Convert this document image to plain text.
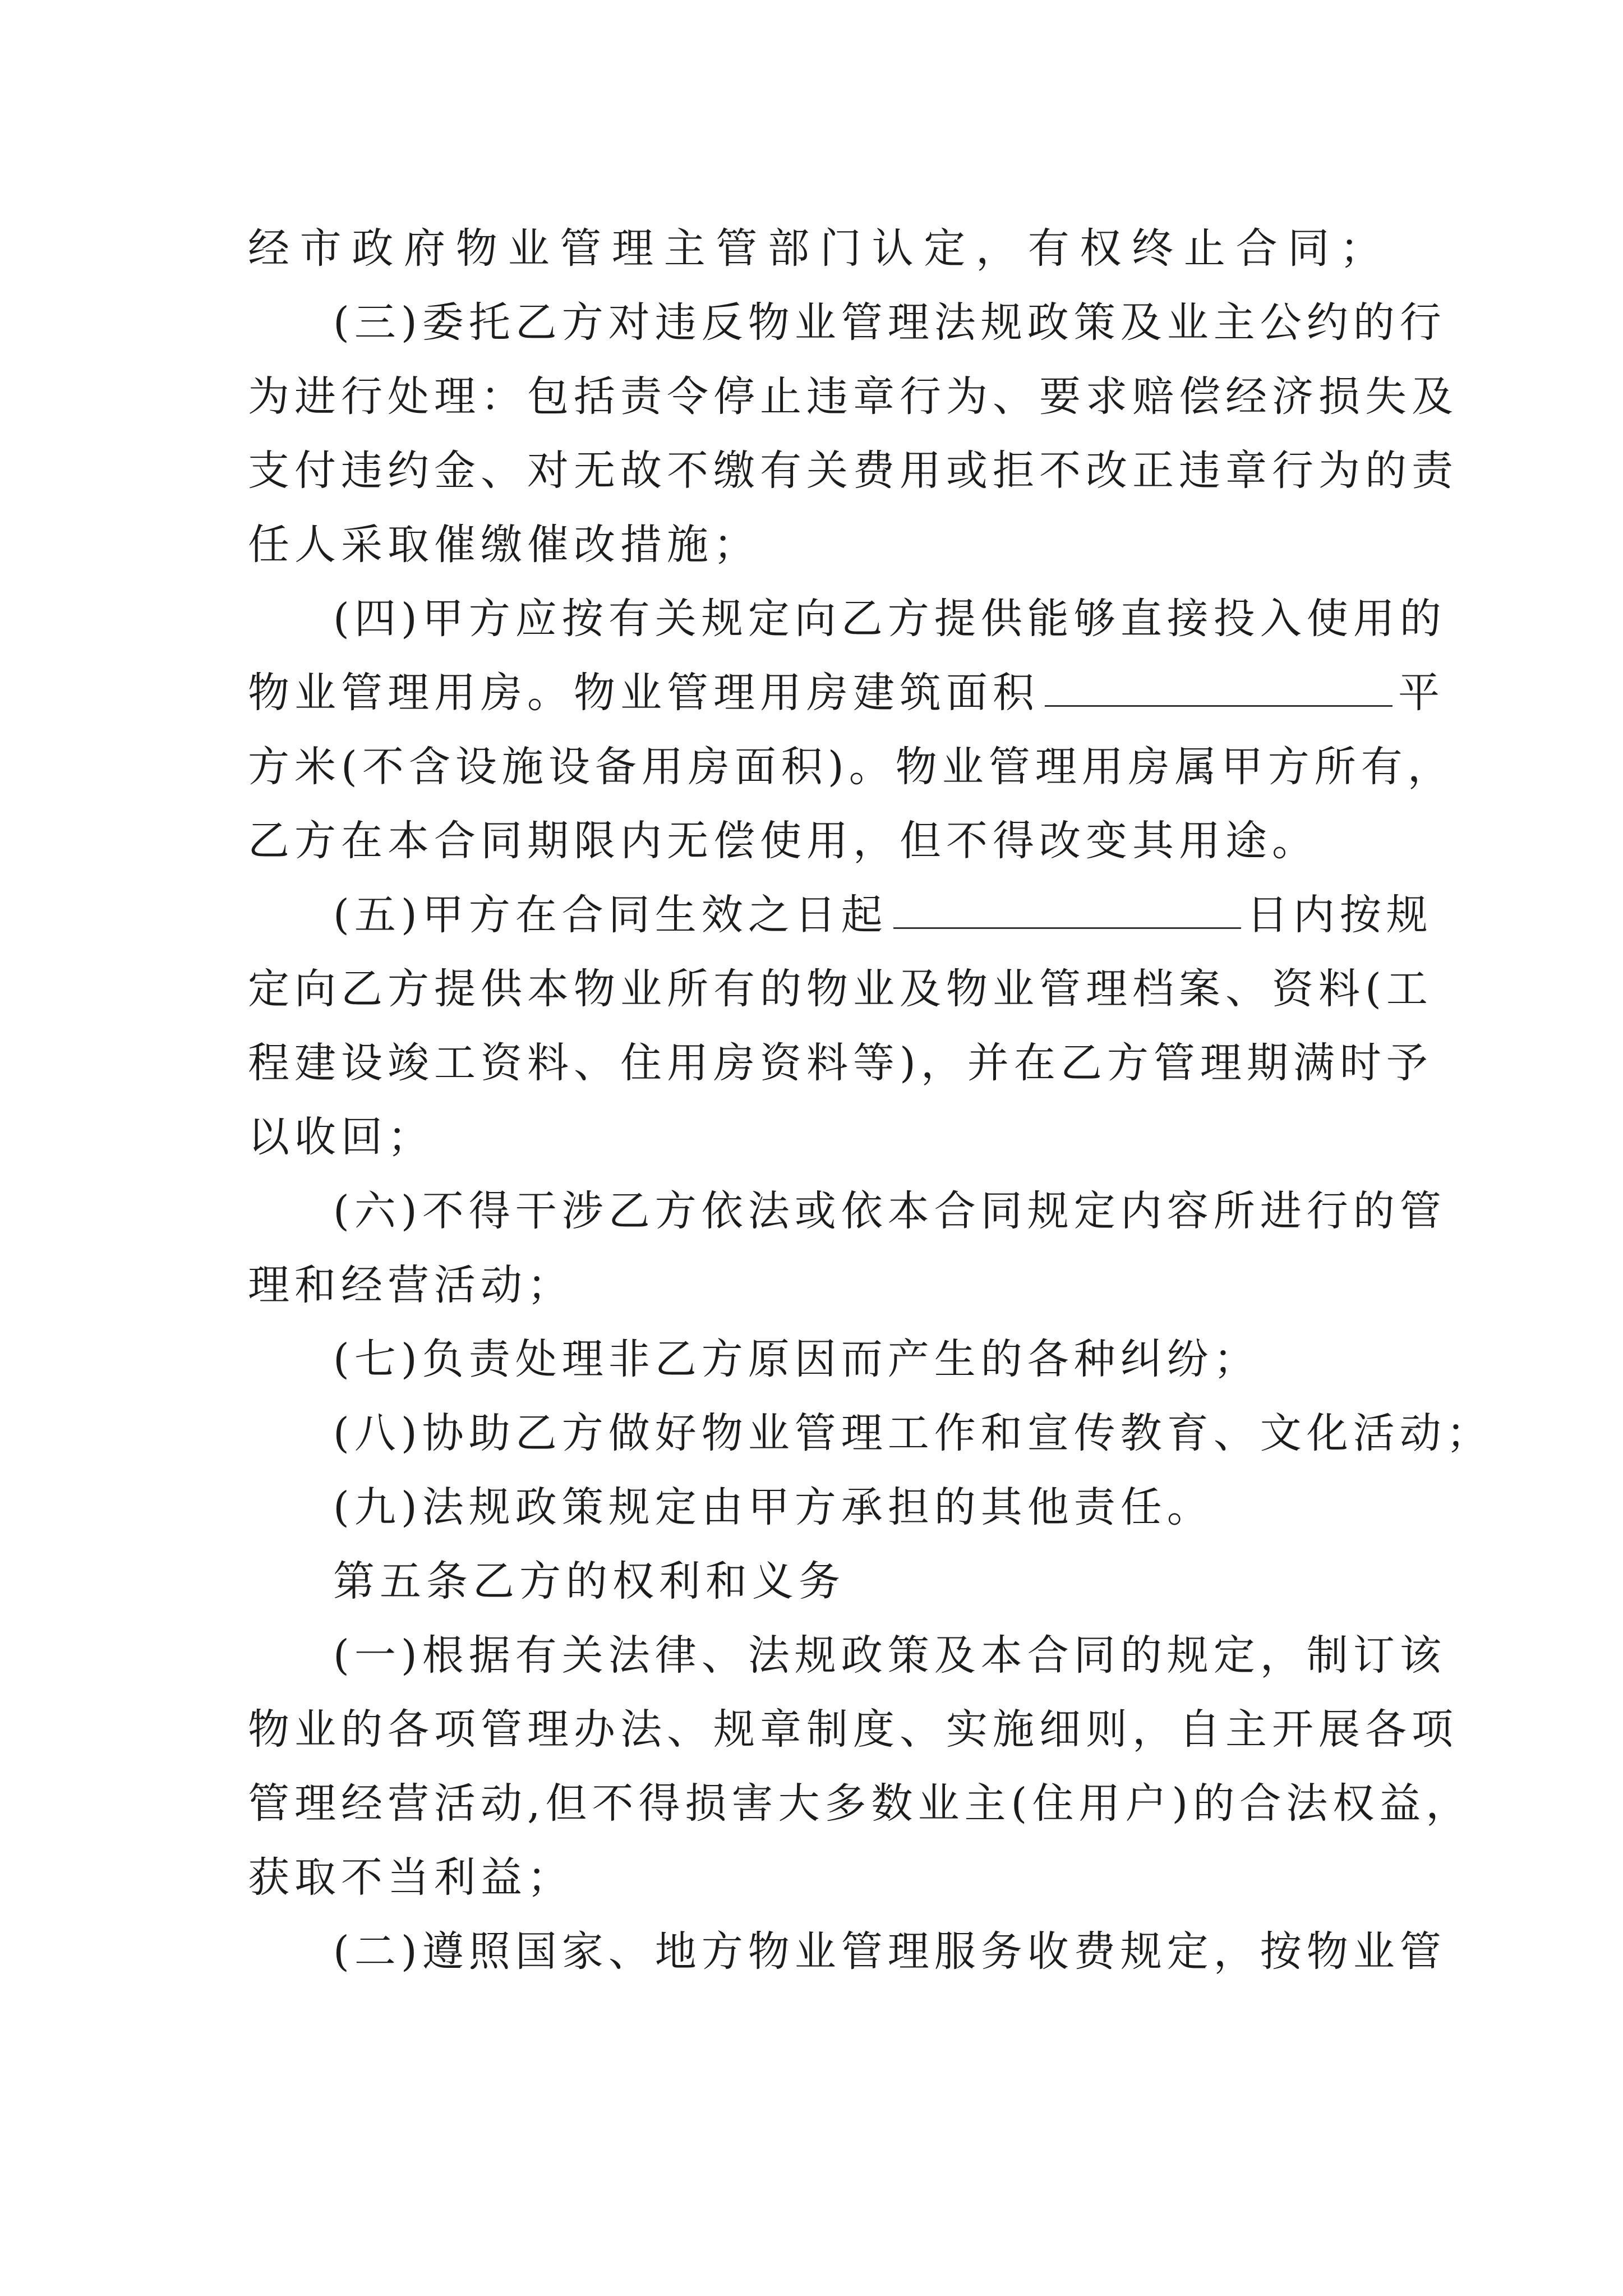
经市政府物业管理主管部门认定，有权终止合同；
(三)委托乙方对违反物业管理法规政策及业主公约的行
为进行处理：包括责令停止违章行为、要求赔偿经济损失及
支付违约金、对无故不缴有关费用或拒不改正违章行为的责
任人采取催缴催改措施；
(四)甲方应按有关规定向乙方提供能够直接投入使用的
物业管理用房。物业管理用房建筑面积	平
方米(不含设施设备用房面积)。物业管理用房属甲方所有，
乙方在本合同期限内无偿使用，但不得改变其用途。
(五)甲方在合同生效之日起	日内按规
定向乙方提供本物业所有的物业及物业管理档案、资料(工
程建设竣工资料、住用房资料等)，并在乙方管理期满时予
以收回；
(六)不得干涉乙方依法或依本合同规定内容所进行的管
理和经营活动；
(七)负责处理非乙方原因而产生的各种纠纷；
(八)协助乙方做好物业管理工作和宣传教育、文化活动；
(九)法规政策规定由甲方承担的其他责任。
第五条乙方的权利和义务
(一)根据有关法律、法规政策及本合同的规定，制订该
物业的各项管理办法、规章制度、实施细则，自主开展各项
管理经营活动,但不得损害大多数业主(住用户)的合法权益，
获取不当利益；
(二)遵照国家、地方物业管理服务收费规定，按物业管
